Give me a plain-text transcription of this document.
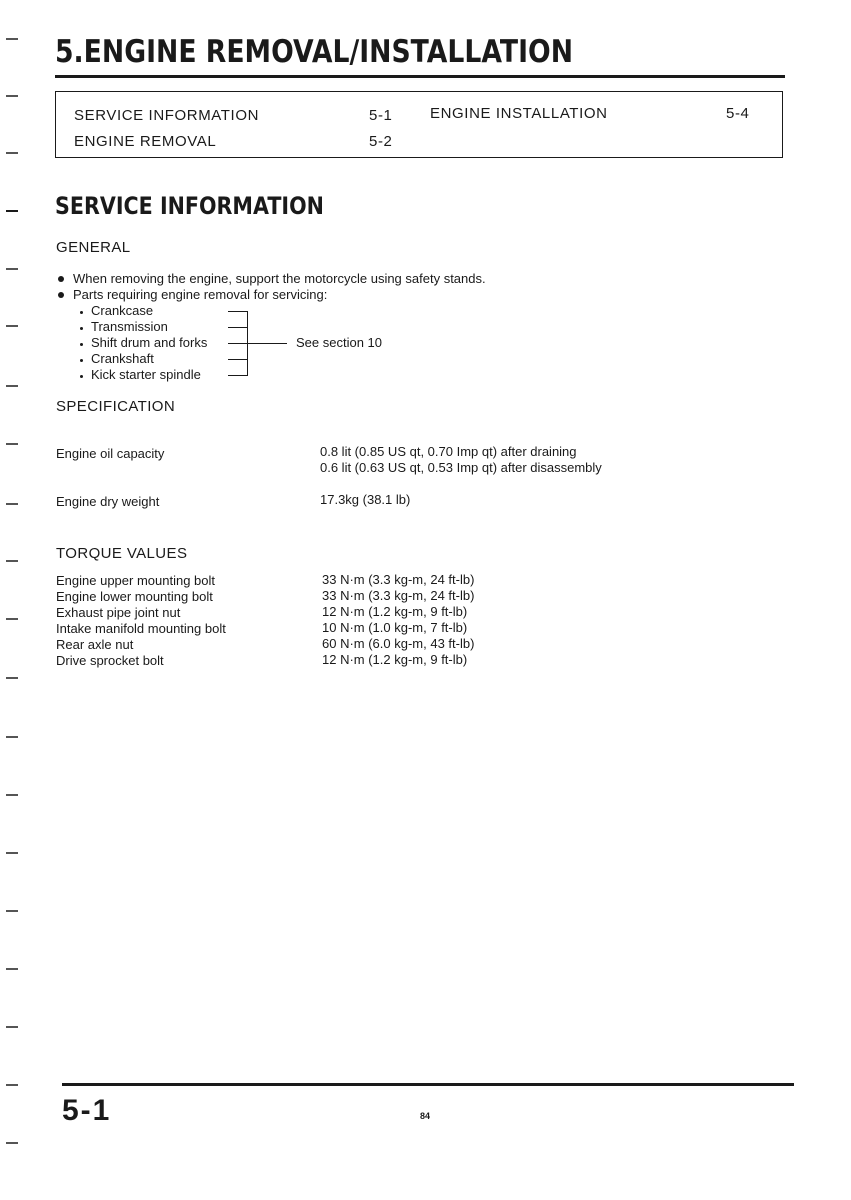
5.ENGINE REMOVAL/INSTALLATION
SERVICE INFORMATION	5-1
ENGINE REMOVAL	5-2
ENGINE INSTALLATION	5-4
SERVICE INFORMATION
GENERAL
When removing the engine, support the motorcycle using safety stands.
Parts requiring engine removal for servicing:
Crankcase
Transmission
Shift drum and forks
Crankshaft
Kick starter spindle
See section 10
SPECIFICATION
Engine oil capacity	0.8 lit (0.85 US qt, 0.70 Imp qt) after draining
0.6 lit (0.63 US qt, 0.53 Imp qt) after disassembly
Engine dry weight	17.3kg (38.1 lb)
TORQUE VALUES
Engine upper mounting bolt	33 N·m (3.3 kg-m, 24 ft-lb)
Engine lower mounting bolt	33 N·m (3.3 kg-m, 24 ft-lb)
Exhaust pipe joint nut	12 N·m (1.2 kg-m, 9 ft-lb)
Intake manifold mounting bolt	10 N·m (1.0 kg-m, 7 ft-lb)
Rear axle nut	60 N·m (6.0 kg-m, 43 ft-lb)
Drive sprocket bolt	12 N·m (1.2 kg-m, 9 ft-lb)
5-1	84
